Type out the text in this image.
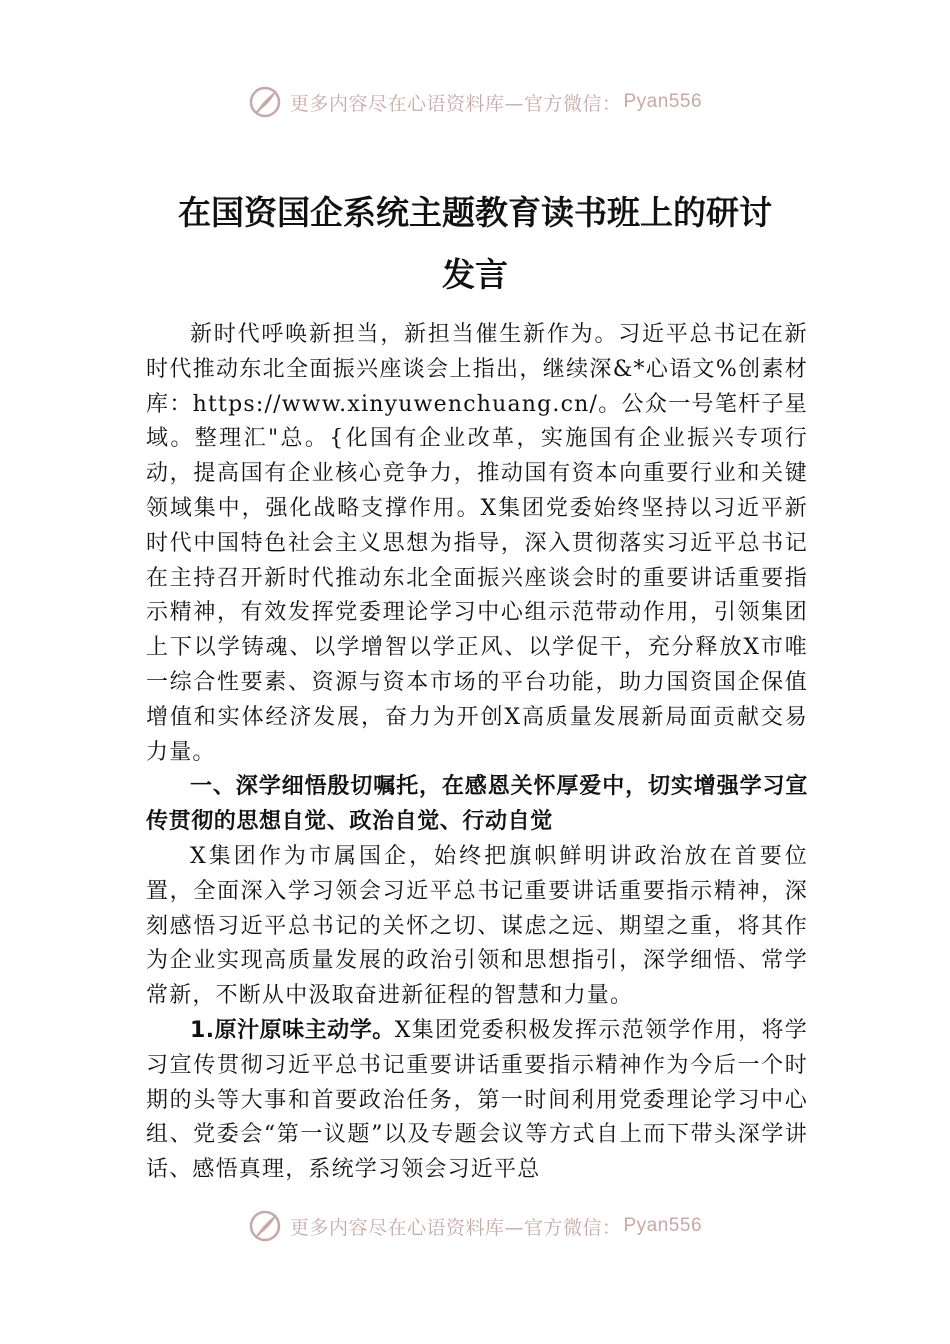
更多内容尽在心语资料库—官方微信： Pyan556
在国资国企系统主题教育读书班上的研讨
发言

新时代呼唤新担当，新担当催生新作为。习近平总书记在新时代推动东北全面振兴座谈会上指出，继续深&*心语文%创素材库：https://www.xinyuwenchuang.cn/。公众一号笔杆子星域。整理汇"总。{化国有企业改革，实施国有企业振兴专项行动，提高国有企业核心竞争力，推动国有资本向重要行业和关键领域集中，强化战略支撑作用。X集团党委始终坚持以习近平新时代中国特色社会主义思想为指导，深入贯彻落实习近平总书记在主持召开新时代推动东北全面振兴座谈会时的重要讲话重要指示精神，有效发挥党委理论学习中心组示范带动作用，引领集团上下以学铸魂、以学增智以学正风、以学促干，充分释放X市唯一综合性要素、资源与资本市场的平台功能，助力国资国企保值增值和实体经济发展，奋力为开创X高质量发展新局面贡献交易力量。

一、深学细悟殷切嘱托，在感恩关怀厚爱中，切实增强学习宣传贯彻的思想自觉、政治自觉、行动自觉

X集团作为市属国企，始终把旗帜鲜明讲政治放在首要位置，全面深入学习领会习近平总书记重要讲话重要指示精神，深刻感悟习近平总书记的关怀之切、谋虑之远、期望之重，将其作为企业实现高质量发展的政治引领和思想指引，深学细悟、常学常新，不断从中汲取奋进新征程的智慧和力量。

1.原汁原味主动学。X集团党委积极发挥示范领学作用，将学习宣传贯彻习近平总书记重要讲话重要指示精神作为今后一个时期的头等大事和首要政治任务，第一时间利用党委理论学习中心组、党委会“第一议题”以及专题会议等方式自上而下带头深学讲话、感悟真理，系统学习领会习近平总

更多内容尽在心语资料库—官方微信： Pyan556
